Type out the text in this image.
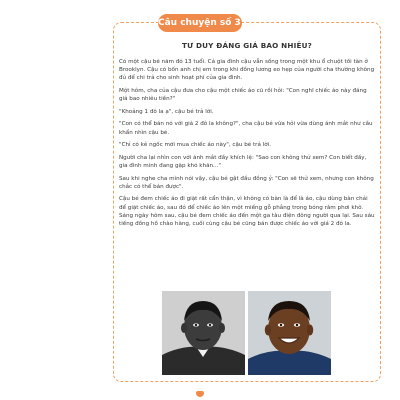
Câu chuyện số 3 :
TƯ DUY ĐÁNG GIÁ BAO NHIÊU?

Có một cậu bé năm đó 13 tuổi. Cả gia đình cậu vẫn sống trong một khu ổ chuột tồi tàn ở Brooklyn. Cậu có bốn anh chị em trong khi đồng lương eo hẹp của người cha thường không đủ để chi trả cho sinh hoạt phí của gia đình.

Một hôm, cha của cậu đưa cho cậu một chiếc áo cũ rồi hỏi: "Con nghĩ chiếc áo này đáng giá bao nhiêu tiền?"

"Khoảng 1 đô la ạ", cậu bé trả lời.

"Con có thể bán nó với giá 2 đô la không?", cha cậu bé vừa hỏi vừa dùng ánh mắt như cầu khẩn nhìn cậu bé.

"Chỉ có kẻ ngốc mới mua chiếc áo này", cậu bé trả lời.

Người cha lại nhìn con với ánh mắt đầy khích lệ: "Sao con không thử xem? Con biết đấy, gia đình mình đang gặp khó khăn..."

Sau khi nghe cha mình nói vậy, cậu bé gật đầu đồng ý: "Con sẽ thử xem, nhưng con không chắc có thể bán được".

Cậu bé đem chiếc áo đi giặt rất cẩn thận, vì không có bàn là để là áo, cậu dùng bàn chải để giặt chiếc áo, sau đó để chiếc áo lên một miếng gỗ phẳng trong bóng râm phơi khô. Sáng ngày hôm sau, cậu bé đem chiếc áo đến một ga tàu điện đông người qua lại. Sau sáu tiếng đồng hồ chào hàng, cuối cùng cậu bé cũng bán được chiếc áo với giá 2 đô la.
